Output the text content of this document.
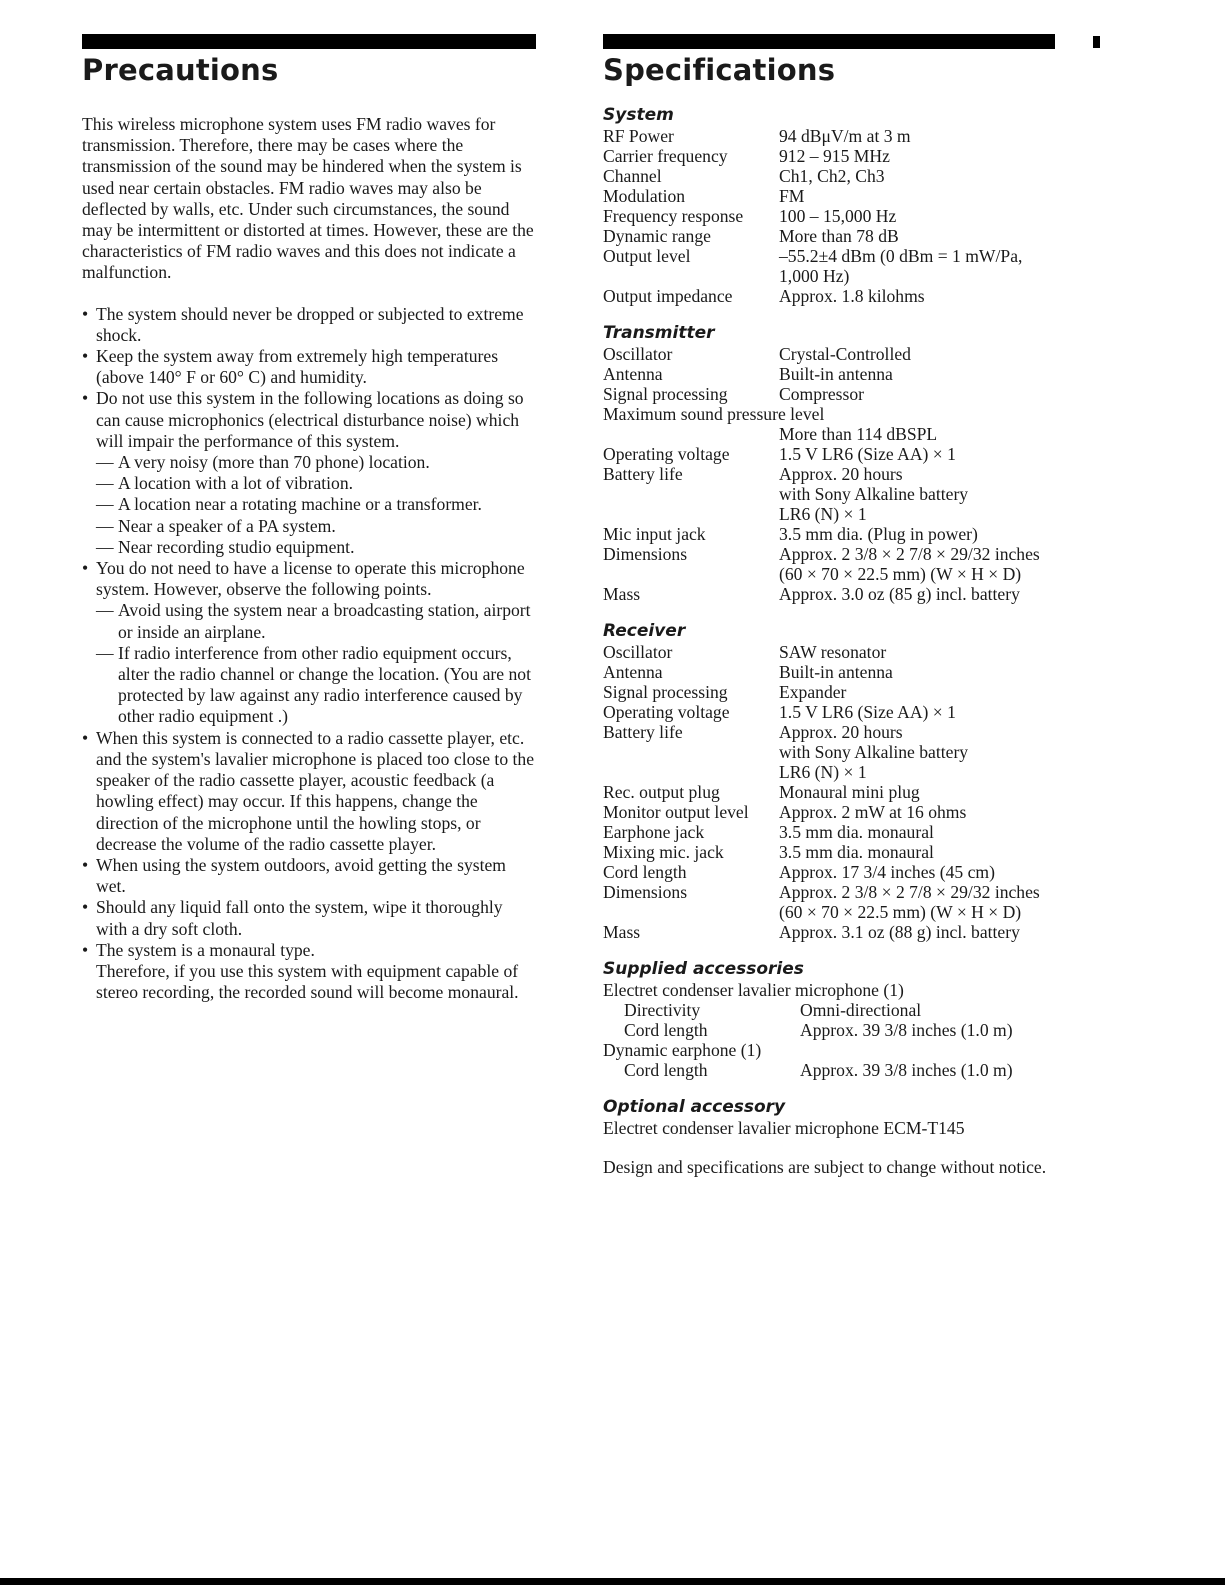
Precautions

This wireless microphone system uses FM radio waves for transmission. Therefore, there may be cases where the transmission of the sound may be hindered when the system is used near certain obstacles. FM radio waves may also be deflected by walls, etc. Under such circumstances, the sound may be intermittent or distorted at times. However, these are the characteristics of FM radio waves and this does not indicate a malfunction.

• The system should never be dropped or subjected to extreme shock.
• Keep the system away from extremely high temperatures (above 140° F or 60° C) and humidity.
• Do not use this system in the following locations as doing so can cause microphonics (electrical disturbance noise) which will impair the performance of this system.
— A very noisy (more than 70 phone) location.
— A location with a lot of vibration.
— A location near a rotating machine or a transformer.
— Near a speaker of a PA system.
— Near recording studio equipment.
• You do not need to have a license to operate this microphone system. However, observe the following points.
— Avoid using the system near a broadcasting station, airport or inside an airplane.
— If radio interference from other radio equipment occurs, alter the radio channel or change the location. (You are not protected by law against any radio interference caused by other radio equipment .)
• When this system is connected to a radio cassette player, etc. and the system's lavalier microphone is placed too close to the speaker of the radio cassette player, acoustic feedback (a howling effect) may occur. If this happens, change the direction of the microphone until the howling stops, or decrease the volume of the radio cassette player.
• When using the system outdoors, avoid getting the system wet.
• Should any liquid fall onto the system, wipe it thoroughly with a dry soft cloth.
• The system is a monaural type.
Therefore, if you use this system with equipment capable of stereo recording, the recorded sound will become monaural.
Specifications
System
RF Power	94 dBμV/m at 3 m
Carrier frequency	912 – 915 MHz
Channel	Ch1, Ch2, Ch3
Modulation	FM
Frequency response	100 – 15,000 Hz
Dynamic range	More than 78 dB
Output level	–55.2±4 dBm (0 dBm = 1 mW/Pa,
	1,000 Hz)
Output impedance	Approx. 1.8 kilohms
Transmitter
Oscillator	Crystal-Controlled
Antenna	Built-in antenna
Signal processing	Compressor
Maximum sound pressure level
	More than 114 dBSPL
Operating voltage	1.5 V LR6 (Size AA) × 1
Battery life	Approx. 20 hours
	with Sony Alkaline battery
	LR6 (N) × 1
Mic input jack	3.5 mm dia. (Plug in power)
Dimensions	Approx. 2 3/8 × 2 7/8 × 29/32 inches
	(60 × 70 × 22.5 mm) (W × H × D)
Mass	Approx. 3.0 oz (85 g) incl. battery
Receiver
Oscillator	SAW resonator
Antenna	Built-in antenna
Signal processing	Expander
Operating voltage	1.5 V LR6 (Size AA) × 1
Battery life	Approx. 20 hours
	with Sony Alkaline battery
	LR6 (N) × 1
Rec. output plug	Monaural mini plug
Monitor output level	Approx. 2 mW at 16 ohms
Earphone jack	3.5 mm dia. monaural
Mixing mic. jack	3.5 mm dia. monaural
Cord length	Approx. 17 3/4 inches (45 cm)
Dimensions	Approx. 2 3/8 × 2 7/8 × 29/32 inches
	(60 × 70 × 22.5 mm) (W × H × D)
Mass	Approx. 3.1 oz (88 g) incl. battery
Supplied accessories
Electret condenser lavalier microphone (1)
Directivity	Omni-directional
Cord length	Approx. 39 3/8 inches (1.0 m)
Dynamic earphone (1)
Cord length	Approx. 39 3/8 inches (1.0 m)
Optional accessory
Electret condenser lavalier microphone ECM-T145

Design and specifications are subject to change without notice.
